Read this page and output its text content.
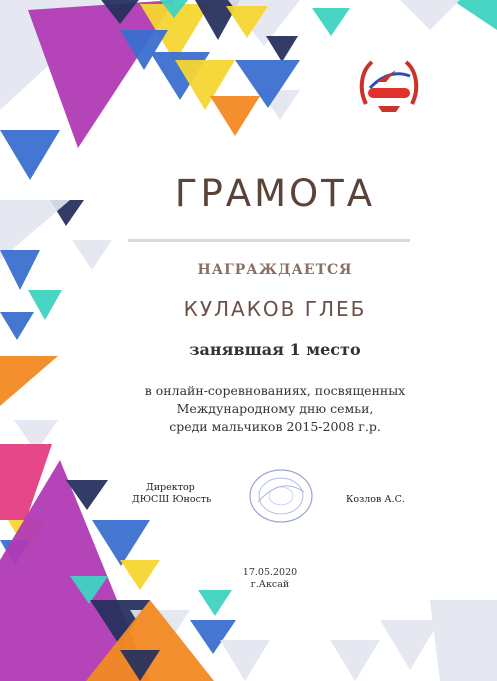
ГРАМОТА
НАГРАЖДАЕТСЯ
КУЛАКОВ ГЛЕБ
занявшая 1 место
в онлайн-соревнованиях, посвященных
Международному дню семьи,
среди мальчиков 2015-2008 г.р.
Директор
ДЮСШ Юность	Козлов А.С.
17.05.2020
г.Аксай
